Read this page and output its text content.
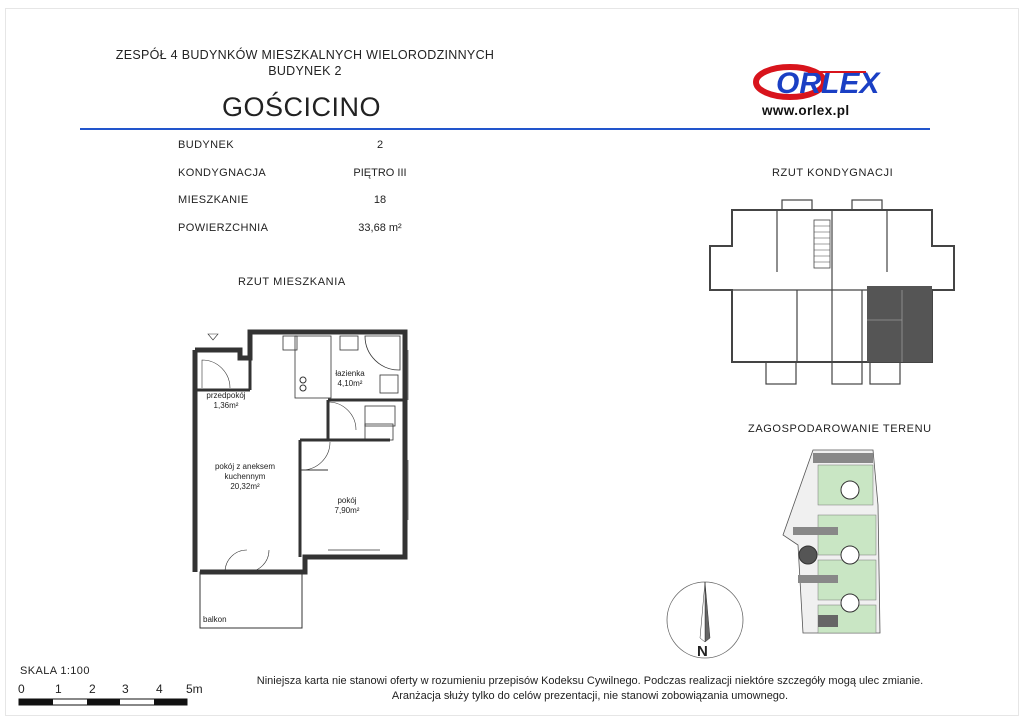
ZESPÓŁ 4 BUDYNKÓW MIESZKALNYCH WIELORODZINNYCH
BUDYNEK 2
GOŚCICINO
ORLEX
www.orlex.pl
BUDYNEK	2
KONDYGNACJA	PIĘTRO III
MIESZKANIE	18
POWIERZCHNIA	33,68 m²
RZUT MIESZKANIA
RZUT KONDYGNACJI
ZAGOSPODAROWANIE TERENU
przedpokój
1,36m²
łazienka
4,10m²
pokój z aneksem
kuchennym
20,32m²
pokój
7,90m²
balkon
N
SKALA 1:100
0	1 2 3 4 5m
Niniejsza karta nie stanowi oferty w rozumieniu przepisów Kodeksu Cywilnego. Podczas realizacji niektóre szczegóły mogą ulec zmianie.
Aranżacja służy tylko do celów prezentacji, nie stanowi zobowiązania umownego.
